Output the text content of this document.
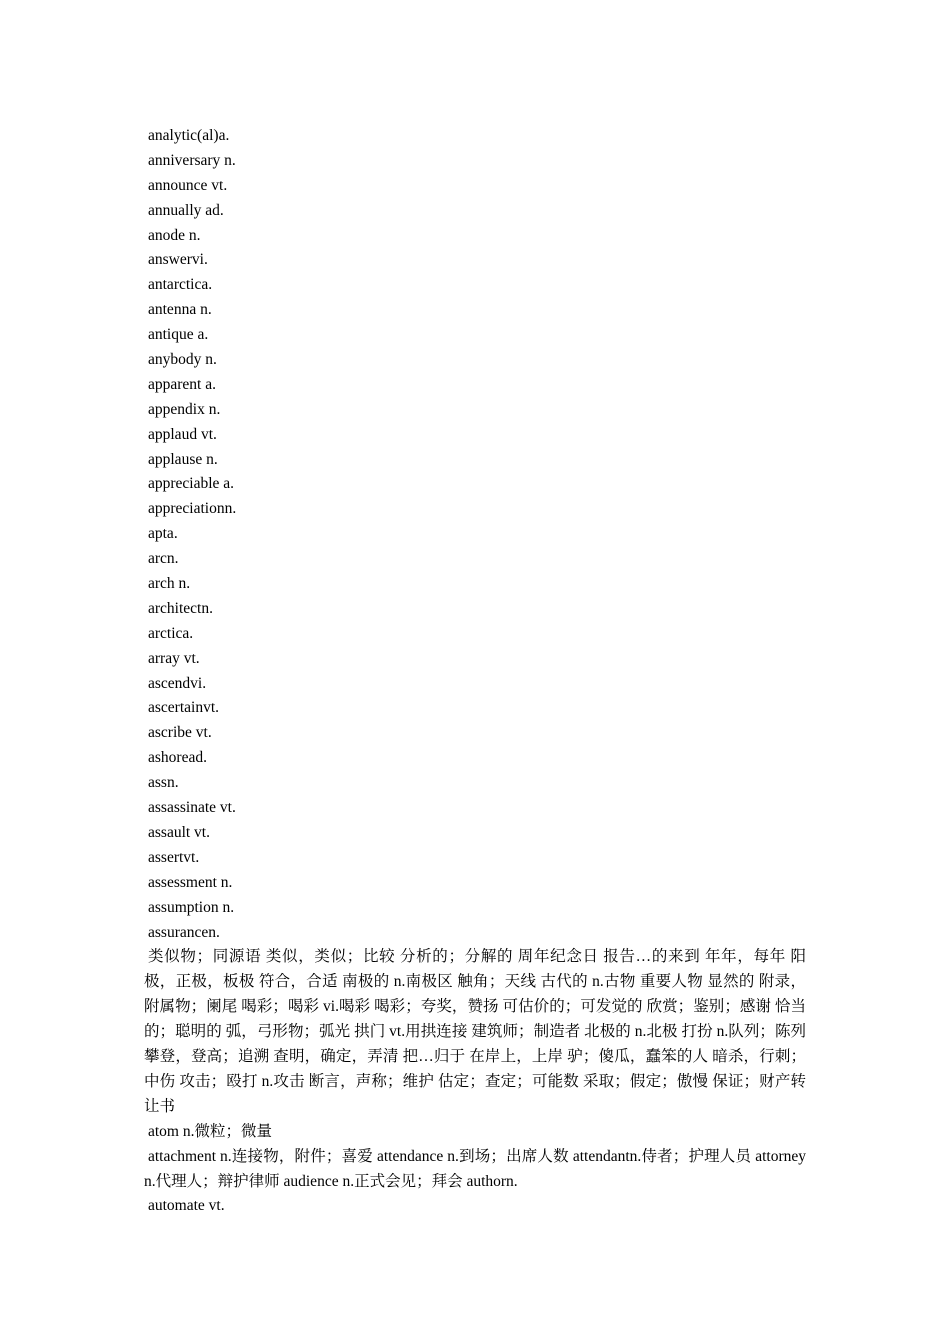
analytic(al)a.
anniversary n.
announce vt.
annually ad.
anode n.
answervi.
antarctica.
antenna n.
antique a.
anybody n.
apparent a.
appendix n.
applaud vt.
applause n.
appreciable a.
appreciationn.
apta.
arcn.
arch n.
architectn.
arctica.
array vt.
ascendvi.
ascertainvt.
ascribe vt.
ashoread.
assn.
assassinate vt.
assault vt.
assertvt.
assessment n.
assumption n.
assurancen.
类似物；同源语 类似，类似；比较 分析的；分解的 周年纪念日 报告…的来到 年年，每年 阳极，正极，板极 符合，合适 南极的 n.南极区 触角；天线 古代的 n.古物 重要人物 显然的 附录，附属物；阑尾 喝彩；喝彩 vi.喝彩 喝彩；夸奖，赞扬 可估价的；可发觉的 欣赏；鉴别；感谢 恰当的；聪明的 弧，弓形物；弧光 拱门 vt.用拱连接 建筑师；制造者 北极的 n.北极 打扮 n.队列；陈列 攀登，登高；追溯 查明，确定，弄清 把…归于 在岸上，上岸 驴；傻瓜，蠢笨的人 暗杀，行刺；中伤 攻击；殴打 n.攻击 断言，声称；维护 估定；查定；可能数 采取；假定；傲慢 保证；财产转让书
atom n.微粒；微量
attachment n.连接物，附件；喜爱 attendance n.到场；出席人数 attendantn.侍者；护理人员 attorney n.代理人；辩护律师 audience n.正式会见；拜会 authorn.
automate vt.
